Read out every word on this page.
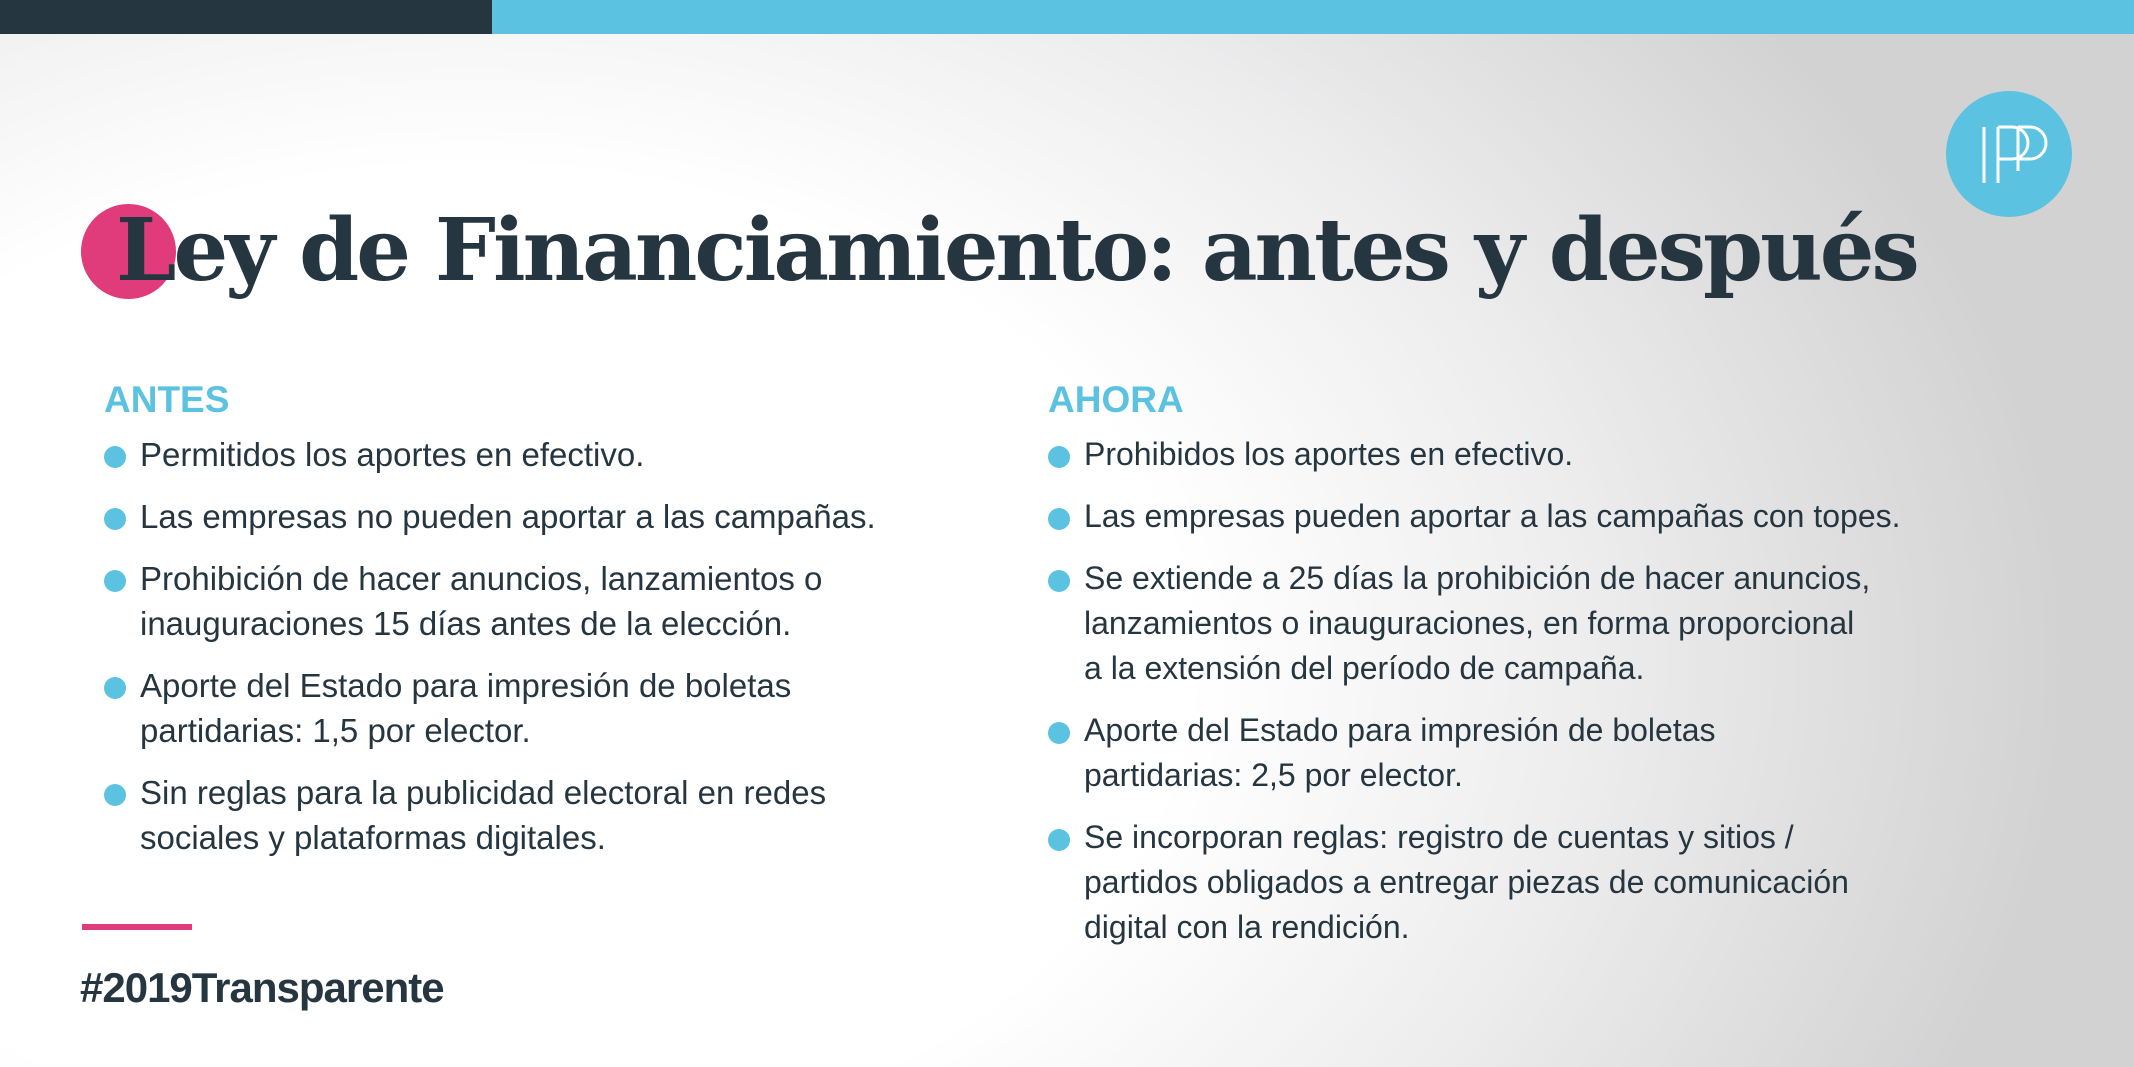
Ley de Financiamiento: antes y después
ANTES
Permitidos los aportes en efectivo.
Las empresas no pueden aportar a las campañas.
Prohibición de hacer anuncios, lanzamientos o
inauguraciones 15 días antes de la elección.
Aporte del Estado para impresión de boletas
partidarias: 1,5 por elector.
Sin reglas para la publicidad electoral en redes
sociales y plataformas digitales.
AHORA
Prohibidos los aportes en efectivo.
Las empresas pueden aportar a las campañas con topes.
Se extiende a 25 días la prohibición de hacer anuncios,
lanzamientos o inauguraciones, en forma proporcional
a la extensión del período de campaña.
Aporte del Estado para impresión de boletas
partidarias: 2,5 por elector.
Se incorporan reglas: registro de cuentas y sitios /
partidos obligados a entregar piezas de comunicación
digital con la rendición.
#2019Transparente
